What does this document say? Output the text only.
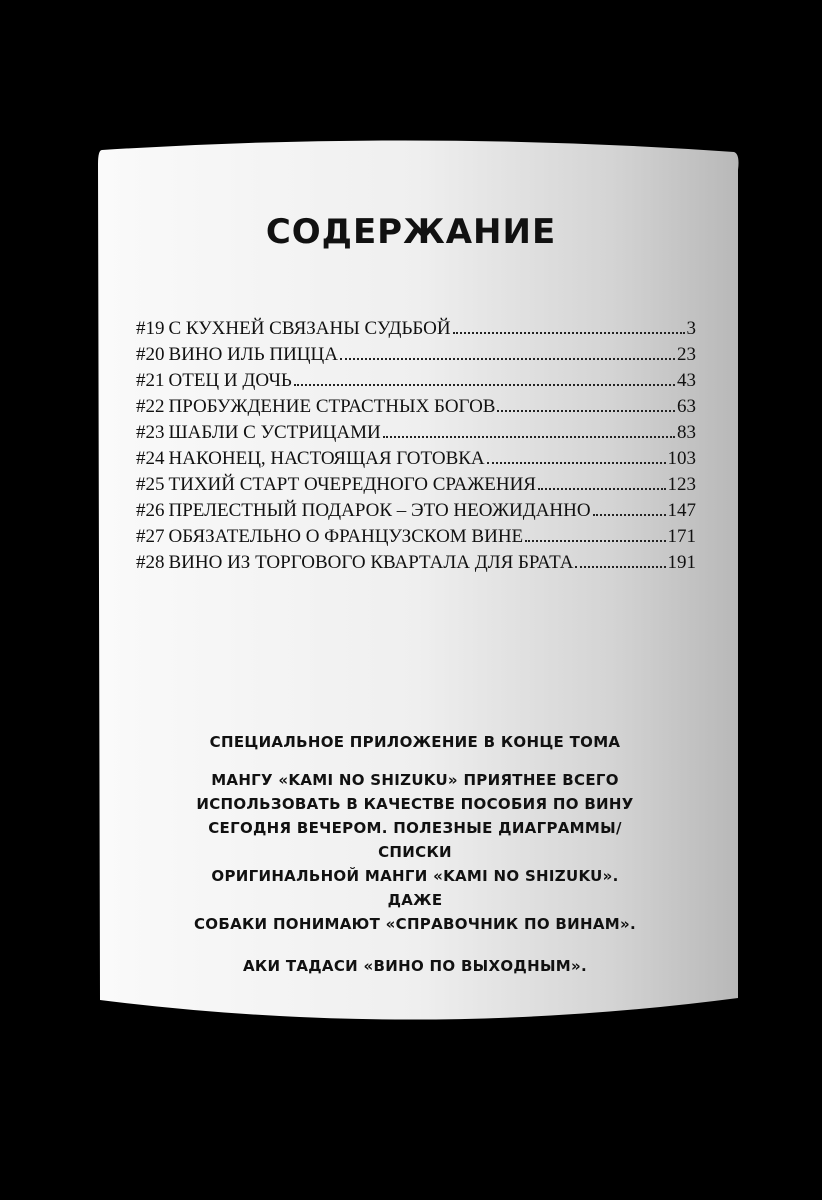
СОДЕРЖАНИЕ
#19 С КУХНЕЙ СВЯЗАНЫ СУДЬБОЙ	3
#20 ВИНО ИЛЬ ПИЦЦА	23
#21 ОТЕЦ И ДОЧЬ	43
#22 ПРОБУЖДЕНИЕ СТРАСТНЫХ БОГОВ	63
#23 ШАБЛИ С УСТРИЦАМИ	83
#24 НАКОНЕЦ, НАСТОЯЩАЯ ГОТОВКА	103
#25 ТИХИЙ СТАРТ ОЧЕРЕДНОГО СРАЖЕНИЯ	123
#26 ПРЕЛЕСТНЫЙ ПОДАРОК – ЭТО НЕОЖИДАННО	147
#27 ОБЯЗАТЕЛЬНО О ФРАНЦУЗСКОМ ВИНЕ	171
#28 ВИНО ИЗ ТОРГОВОГО КВАРТАЛА ДЛЯ БРАТА	191
СПЕЦИАЛЬНОЕ ПРИЛОЖЕНИЕ В КОНЦЕ ТОМА
МАНГУ «KAMI NO SHIZUKU» ПРИЯТНЕЕ ВСЕГО
ИСПОЛЬЗОВАТЬ В КАЧЕСТВЕ ПОСОБИЯ ПО ВИНУ
СЕГОДНЯ ВЕЧЕРОМ. ПОЛЕЗНЫЕ ДИАГРАММЫ/СПИСКИ
ОРИГИНАЛЬНОЙ МАНГИ «KAMI NO SHIZUKU». ДАЖЕ
СОБАКИ ПОНИМАЮТ «СПРАВОЧНИК ПО ВИНАМ».
АКИ ТАДАСИ «ВИНО ПО ВЫХОДНЫМ».
